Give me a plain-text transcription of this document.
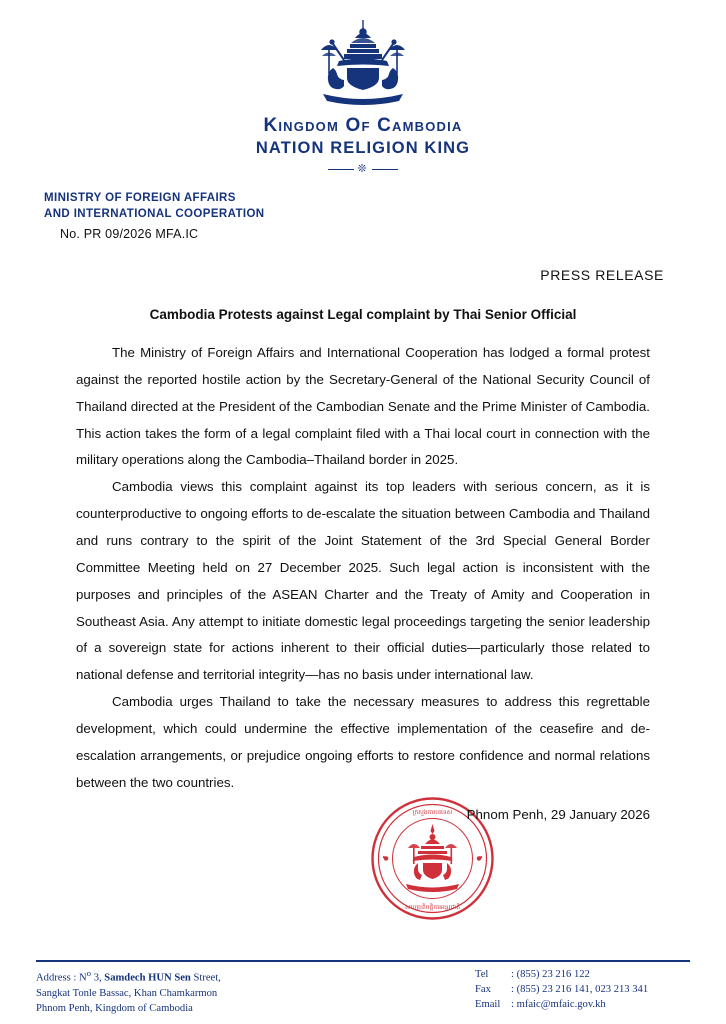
Kingdom Of Cambodia
NATION RELIGION KING
❊
MINISTRY OF FOREIGN AFFAIRS
AND INTERNATIONAL COOPERATION
No. PR 09/2026 MFA.IC
PRESS RELEASE
Cambodia Protests against Legal complaint by Thai Senior Official

The Ministry of Foreign Affairs and International Cooperation has lodged a formal protest against the reported hostile action by the Secretary-General of the National Security Council of Thailand directed at the President of the Cambodian Senate and the Prime Minister of Cambodia. This action takes the form of a legal complaint filed with a Thai local court in connection with the military operations along the Cambodia–Thailand border in 2025.

Cambodia views this complaint against its top leaders with serious concern, as it is counterproductive to ongoing efforts to de-escalate the situation between Cambodia and Thailand and runs contrary to the spirit of the Joint Statement of the 3rd Special General Border Committee Meeting held on 27 December 2025. Such legal action is inconsistent with the purposes and principles of the ASEAN Charter and the Treaty of Amity and Cooperation in Southeast Asia. Any attempt to initiate domestic legal proceedings targeting the senior leadership of a sovereign state for actions inherent to their official duties—particularly those related to national defense and territorial integrity—has no basis under international law.

Cambodia urges Thailand to take the necessary measures to address this regrettable development, which could undermine the effective implementation of the ceasefire and de-escalation arrangements, or prejudice ongoing efforts to restore confidence and normal relations between the two countries.

Phnom Penh, 29 January 2026
ក្រសួងការបរទេស
សហប្រតិបត្តិការអន្តរជាតិ
Address : $N^o$ 3, Samdech HUN Sen Street,
Sangkat Tonle Bassac, Khan Chamkarmon
Phnom Penh, Kingdom of Cambodia
Tel : (855) 23 216 122
Fax : (855) 23 216 141, 023 213 341
Email : mfaic@mfaic.gov.kh
